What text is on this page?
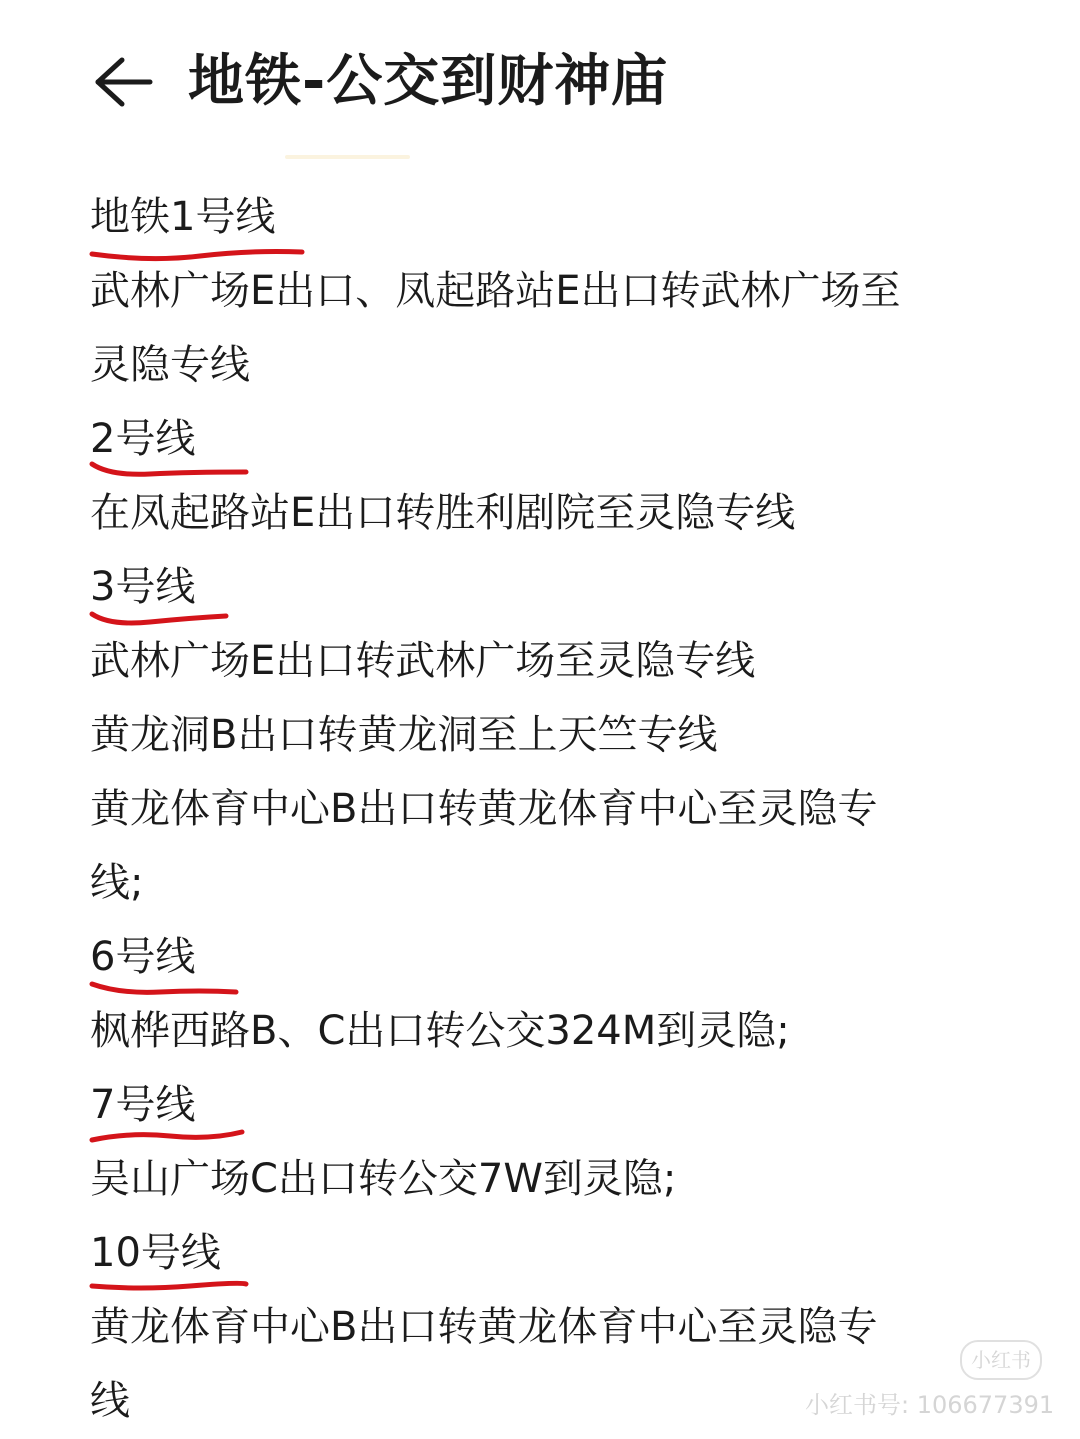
地铁-公交到财神庙
地铁1号线
武林广场E出口、凤起路站E出口转武林广场至
灵隐专线
2号线
在凤起路站E出口转胜利剧院至灵隐专线
3号线
武林广场E出口转武林广场至灵隐专线
黄龙洞B出口转黄龙洞至上天竺专线
黄龙体育中心B出口转黄龙体育中心至灵隐专
线;
6号线
枫桦西路B、C出口转公交324M到灵隐;
7号线
吴山广场C出口转公交7W到灵隐;
10号线
黄龙体育中心B出口转黄龙体育中心至灵隐专
线
小红书
小红书号: 106677391
